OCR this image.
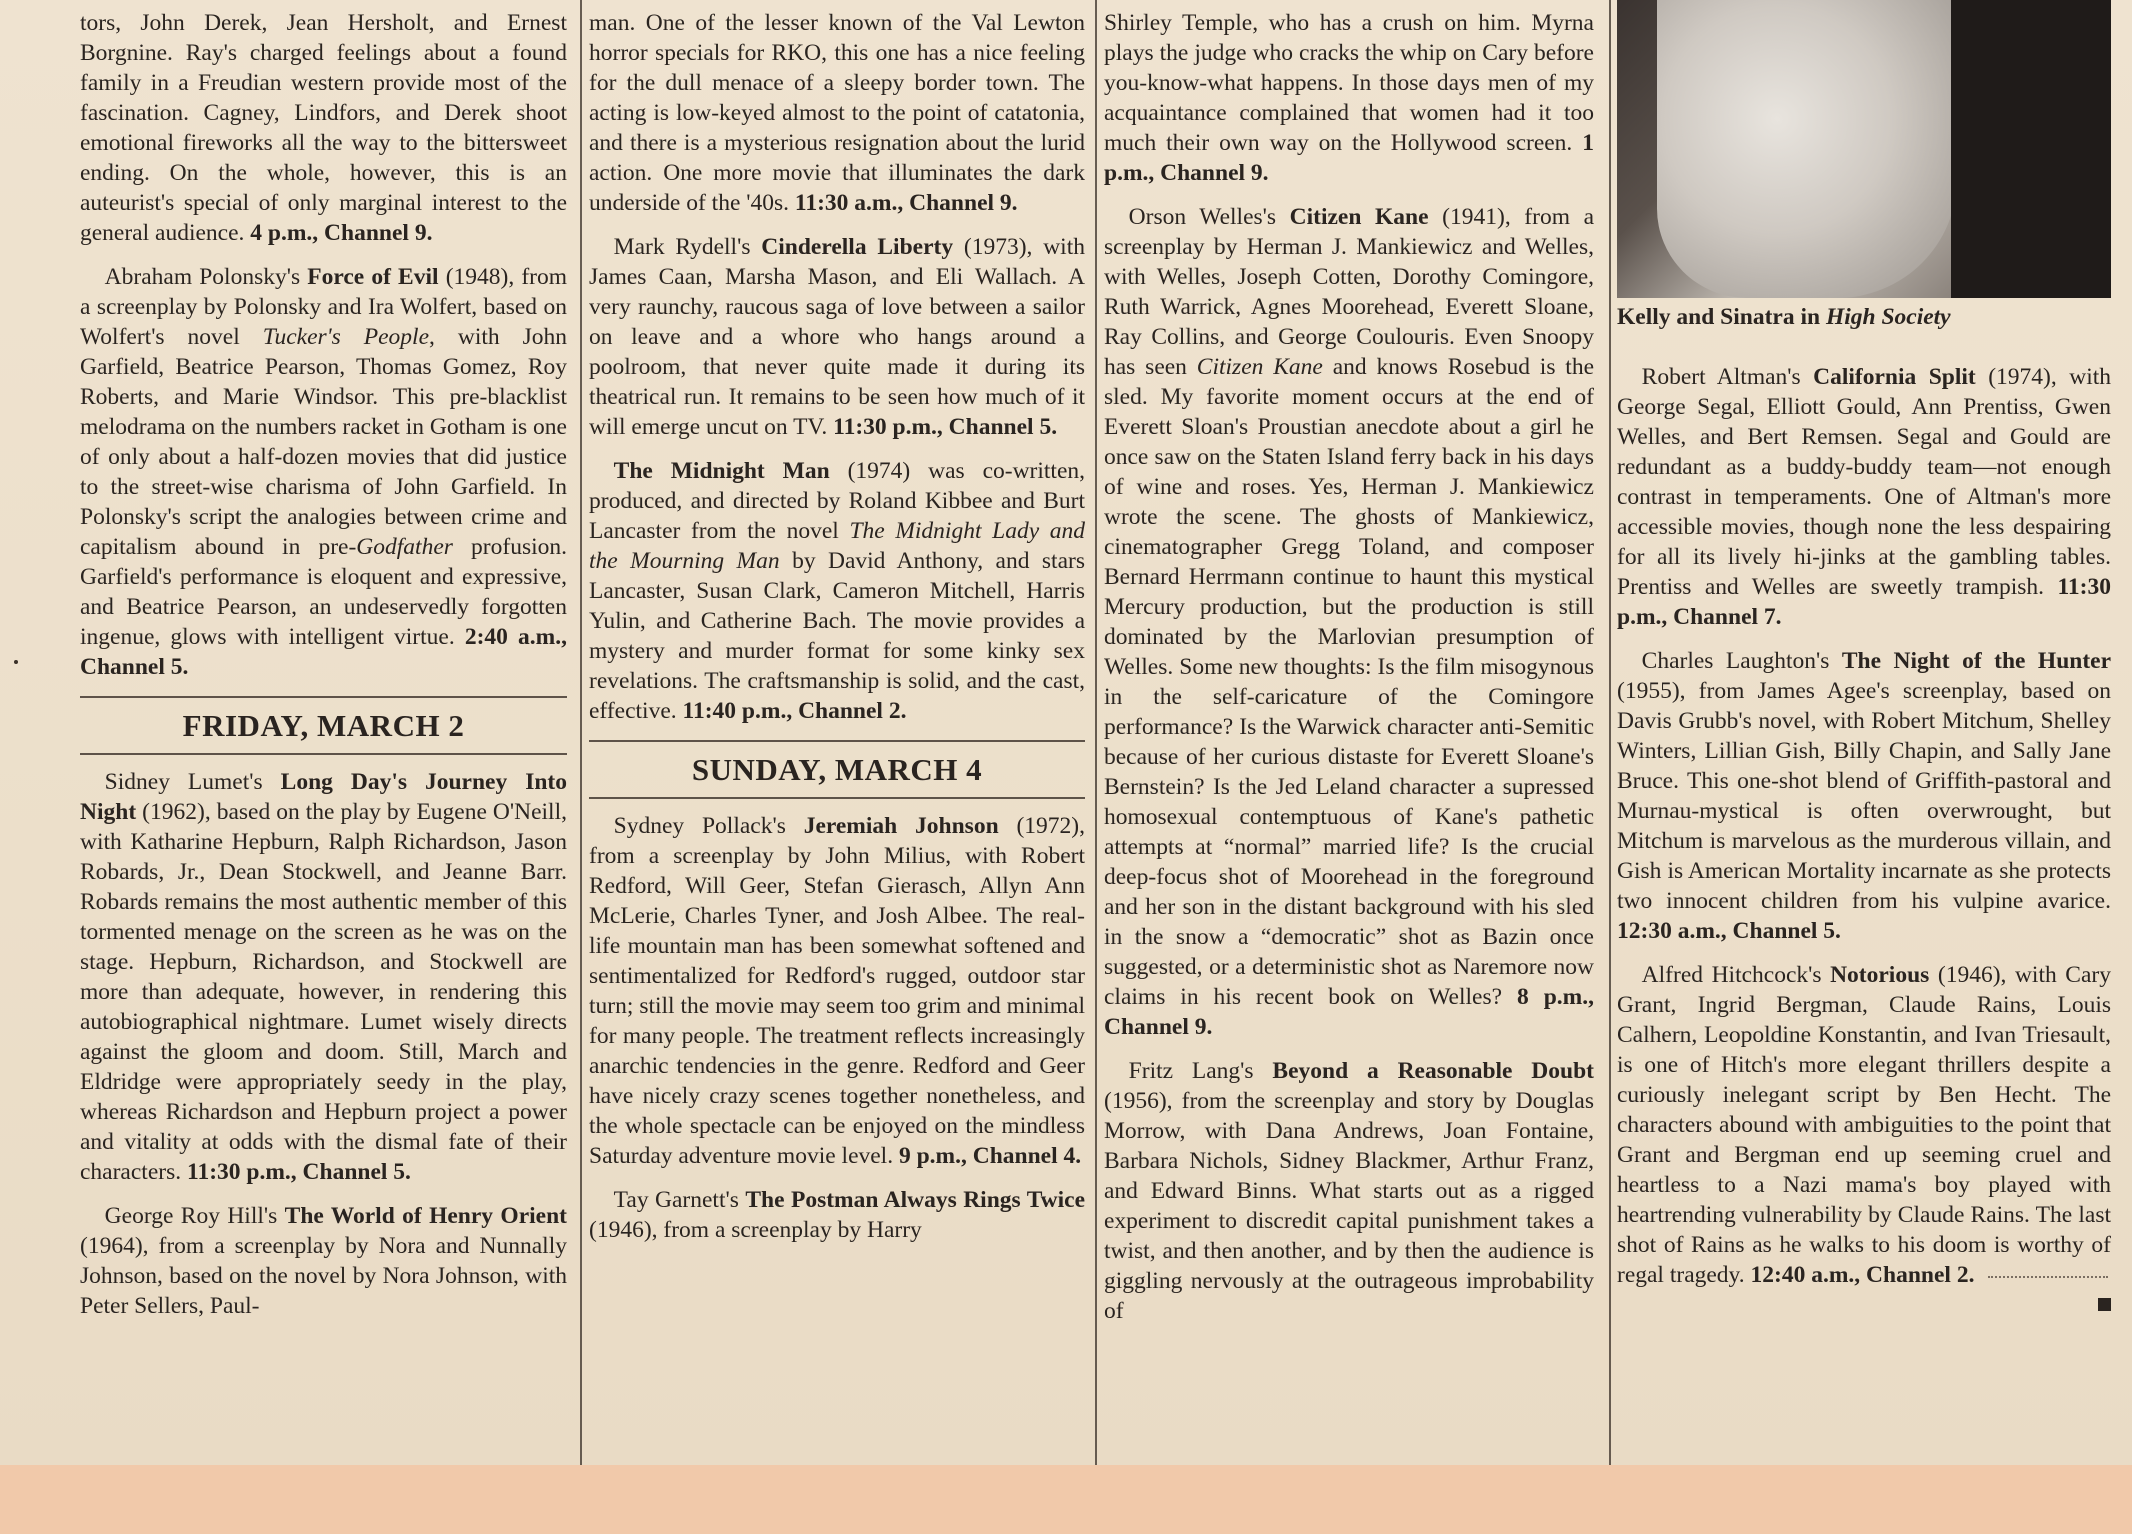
tors, John Derek, Jean Hersholt, and Ernest Borgnine. Ray's charged feelings about a found family in a Freudian western provide most of the fascination. Cagney, Lindfors, and Derek shoot emotional fireworks all the way to the bittersweet ending. On the whole, however, this is an auteurist's special of only marginal interest to the general audience. 4 p.m., Channel 9.

Abraham Polonsky's Force of Evil (1948), from a screenplay by Polonsky and Ira Wolfert, based on Wolfert's novel Tucker's People, with John Garfield, Beatrice Pearson, Thomas Gomez, Roy Roberts, and Marie Windsor. This pre-blacklist melodrama on the numbers racket in Gotham is one of only about a half-dozen movies that did justice to the street-wise charisma of John Garfield. In Polonsky's script the analogies between crime and capitalism abound in pre-Godfather profusion. Garfield's performance is eloquent and expressive, and Beatrice Pearson, an undeservedly forgotten ingenue, glows with intelligent virtue. 2:40 a.m., Channel 5.

FRIDAY, MARCH 2

Sidney Lumet's Long Day's Journey Into Night (1962), based on the play by Eugene O'Neill, with Katharine Hepburn, Ralph Richardson, Jason Robards, Jr., Dean Stockwell, and Jeanne Barr. Robards remains the most authentic member of this tormented menage on the screen as he was on the stage. Hepburn, Richardson, and Stockwell are more than adequate, however, in rendering this autobiographical nightmare. Lumet wisely directs against the gloom and doom. Still, March and Eldridge were appropriately seedy in the play, whereas Richardson and Hepburn project a power and vitality at odds with the dismal fate of their characters. 11:30 p.m., Channel 5.

George Roy Hill's The World of Henry Orient (1964), from a screenplay by Nora and Nunnally Johnson, based on the novel by Nora Johnson, with Peter Sellers, Paul-

man. One of the lesser known of the Val Lewton horror specials for RKO, this one has a nice feeling for the dull menace of a sleepy border town. The acting is low-keyed almost to the point of catatonia, and there is a mysterious resignation about the lurid action. One more movie that illuminates the dark underside of the '40s. 11:30 a.m., Channel 9.

Mark Rydell's Cinderella Liberty (1973), with James Caan, Marsha Mason, and Eli Wallach. A very raunchy, raucous saga of love between a sailor on leave and a whore who hangs around a poolroom, that never quite made it during its theatrical run. It remains to be seen how much of it will emerge uncut on TV. 11:30 p.m., Channel 5.

The Midnight Man (1974) was co-written, produced, and directed by Roland Kibbee and Burt Lancaster from the novel The Midnight Lady and the Mourning Man by David Anthony, and stars Lancaster, Susan Clark, Cameron Mitchell, Harris Yulin, and Catherine Bach. The movie provides a mystery and murder format for some kinky sex revelations. The craftsmanship is solid, and the cast, effective. 11:40 p.m., Channel 2.

SUNDAY, MARCH 4

Sydney Pollack's Jeremiah Johnson (1972), from a screenplay by John Milius, with Robert Redford, Will Geer, Stefan Gierasch, Allyn Ann McLerie, Charles Tyner, and Josh Albee. The real-life mountain man has been somewhat softened and sentimentalized for Redford's rugged, outdoor star turn; still the movie may seem too grim and minimal for many people. The treatment reflects increasingly anarchic tendencies in the genre. Redford and Geer have nicely crazy scenes together nonetheless, and the whole spectacle can be enjoyed on the mindless Saturday adventure movie level. 9 p.m., Channel 4.

Tay Garnett's The Postman Always Rings Twice (1946), from a screenplay by Harry

Shirley Temple, who has a crush on him. Myrna plays the judge who cracks the whip on Cary before you-know-what happens. In those days men of my acquaintance complained that women had it too much their own way on the Hollywood screen. 1 p.m., Channel 9.

Orson Welles's Citizen Kane (1941), from a screenplay by Herman J. Mankiewicz and Welles, with Welles, Joseph Cotten, Dorothy Comingore, Ruth Warrick, Agnes Moorehead, Everett Sloane, Ray Collins, and George Coulouris. Even Snoopy has seen Citizen Kane and knows Rosebud is the sled. My favorite moment occurs at the end of Everett Sloan's Proustian anecdote about a girl he once saw on the Staten Island ferry back in his days of wine and roses. Yes, Herman J. Mankiewicz wrote the scene. The ghosts of Mankiewicz, cinematographer Gregg Toland, and composer Bernard Herrmann continue to haunt this mystical Mercury production, but the production is still dominated by the Marlovian presumption of Welles. Some new thoughts: Is the film misogynous in the self-caricature of the Comingore performance? Is the Warwick character anti-Semitic because of her curious distaste for Everett Sloane's Bernstein? Is the Jed Leland character a supressed homosexual contemptuous of Kane's pathetic attempts at “normal” married life? Is the crucial deep-focus shot of Moorehead in the foreground and her son in the distant background with his sled in the snow a “democratic” shot as Bazin once suggested, or a deterministic shot as Naremore now claims in his recent book on Welles? 8 p.m., Channel 9.

Fritz Lang's Beyond a Reasonable Doubt (1956), from the screenplay and story by Douglas Morrow, with Dana Andrews, Joan Fontaine, Barbara Nichols, Sidney Blackmer, Arthur Franz, and Edward Binns. What starts out as a rigged experiment to discredit capital punishment takes a twist, and then another, and by then the audience is giggling nervously at the outrageous improbability of

Kelly and Sinatra in High Society

Robert Altman's California Split (1974), with George Segal, Elliott Gould, Ann Prentiss, Gwen Welles, and Bert Remsen. Segal and Gould are redundant as a buddy-buddy team—not enough contrast in temperaments. One of Altman's more accessible movies, though none the less despairing for all its lively hi-jinks at the gambling tables. Prentiss and Welles are sweetly trampish. 11:30 p.m., Channel 7.

Charles Laughton's The Night of the Hunter (1955), from James Agee's screenplay, based on Davis Grubb's novel, with Robert Mitchum, Shelley Winters, Lillian Gish, Billy Chapin, and Sally Jane Bruce. This one-shot blend of Griffith-pastoral and Murnau-mystical is often overwrought, but Mitchum is marvelous as the murderous villain, and Gish is American Mortality incarnate as she protects two innocent children from his vulpine avarice. 12:30 a.m., Channel 5.

Alfred Hitchcock's Notorious (1946), with Cary Grant, Ingrid Bergman, Claude Rains, Louis Calhern, Leopoldine Konstantin, and Ivan Triesault, is one of Hitch's more elegant thrillers despite a curiously inelegant script by Ben Hecht. The characters abound with ambiguities to the point that Grant and Bergman end up seeming cruel and heartless to a Nazi mama's boy played with heartrending vulnerability by Claude Rains. The last shot of Rains as he walks to his doom is worthy of regal tragedy. 12:40 a.m., Channel 2.
